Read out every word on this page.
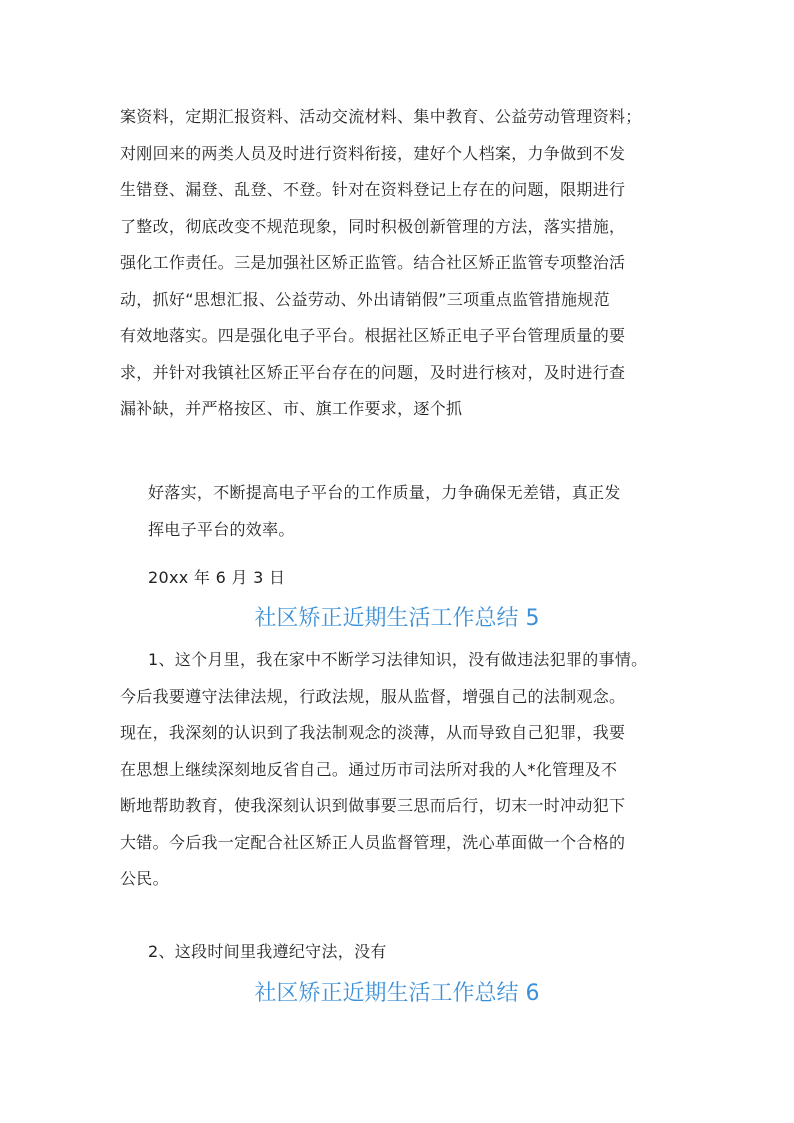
案资料，定期汇报资料、活动交流材料、集中教育、公益劳动管理资料；
对刚回来的两类人员及时进行资料衔接，建好个人档案，力争做到不发
生错登、漏登、乱登、不登。针对在资料登记上存在的问题，限期进行
了整改，彻底改变不规范现象，同时积极创新管理的方法，落实措施，
强化工作责任。三是加强社区矫正监管。结合社区矫正监管专项整治活
动，抓好“思想汇报、公益劳动、外出请销假”三项重点监管措施规范
有效地落实。四是强化电子平台。根据社区矫正电子平台管理质量的要
求，并针对我镇社区矫正平台存在的问题，及时进行核对，及时进行查
漏补缺，并严格按区、市、旗工作要求，逐个抓
好落实，不断提高电子平台的工作质量，力争确保无差错，真正发
挥电子平台的效率。
20xx 年 6 月 3 日
社区矫正近期生活工作总结 5
1、这个月里，我在家中不断学习法律知识，没有做违法犯罪的事情。
今后我要遵守法律法规，行政法规，服从监督，增强自己的法制观念。
现在，我深刻的认识到了我法制观念的淡薄，从而导致自己犯罪，我要
在思想上继续深刻地反省自己。通过历市司法所对我的人*化管理及不
断地帮助教育，使我深刻认识到做事要三思而后行，切末一时冲动犯下
大错。今后我一定配合社区矫正人员监督管理，洗心革面做一个合格的
公民。
2、这段时间里我遵纪守法，没有
社区矫正近期生活工作总结 6
